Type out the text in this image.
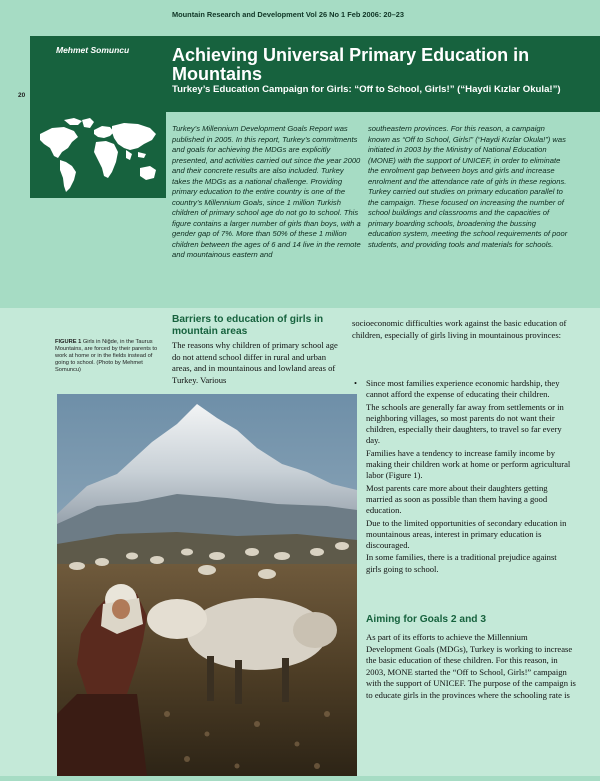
Mountain Research and Development Vol 26 No 1 Feb 2006: 20–23
Mehmet Somuncu Achieving Universal Primary Education in Mountains
Turkey’s Education Campaign for Girls: “Off to School, Girls!” (“Haydi Kızlar Okula!”)
20

Turkey’s Millennium Development Goals Report was published in 2005. In this report, Turkey’s commitments and goals for achieving the MDGs are explicitly presented, and activities carried out since the year 2000 and their concrete results are also included. Turkey takes the MDGs as a national challenge. Providing primary education to the entire country is one of the country’s Millennium Goals, since 1 million Turkish children of primary school age do not go to school. This figure contains a larger number of girls than boys, with a gender gap of 7%. More than 50% of these 1 million children between the ages of 6 and 14 live in the remote and mountainous eastern and

southeastern provinces. For this reason, a campaign known as “Off to School, Girls!” (“Haydi Kızlar Okula!”) was initiated in 2003 by the Ministry of National Education (MONE) with the support of UNICEF, in order to eliminate the enrolment gap between boys and girls and increase enrolment and the attendance rate of girls in these regions. Turkey carried out studies on primary education parallel to the campaign. These focused on increasing the number of school buildings and classrooms and the capacities of primary boarding schools, broadening the bussing education system, meeting the school requirements of poor students, and providing tools and materials for schools.

FIGURE 1 Girls in Niğde, in the Taurus Mountains, are forced by their parents to work at home or in the fields instead of going to school. (Photo by Mehmet Somuncu)
Barriers to education of girls in mountain areas

The reasons why children of primary school age do not attend school differ in rural and urban areas, and in mountainous and lowland areas of Turkey. Various

socioeconomic difficulties work against the basic education of children, especially of girls living in mountainous provinces:

• Since most families experience economic hardship, they cannot afford the expense of educating their children.
• The schools are generally far away from settlements or in neighboring villages, so most parents do not want their children, especially their daughters, to travel so far every day.
• Families have a tendency to increase family income by making their children work at home or perform agricultural labor (Figure 1).
• Most parents care more about their daughters getting married as soon as possible than them having a good education.
• Due to the limited opportunities of secondary education in mountainous areas, interest in primary education is discouraged.
• In some families, there is a traditional prejudice against girls going to school.
Aiming for Goals 2 and 3

As part of its efforts to achieve the Millennium Development Goals (MDGs), Turkey is working to increase the basic education of these children. For this reason, in 2003, MONE started the “Off to School, Girls!” campaign with the support of UNICEF. The purpose of the campaign is to educate girls in the provinces where the schooling rate is
